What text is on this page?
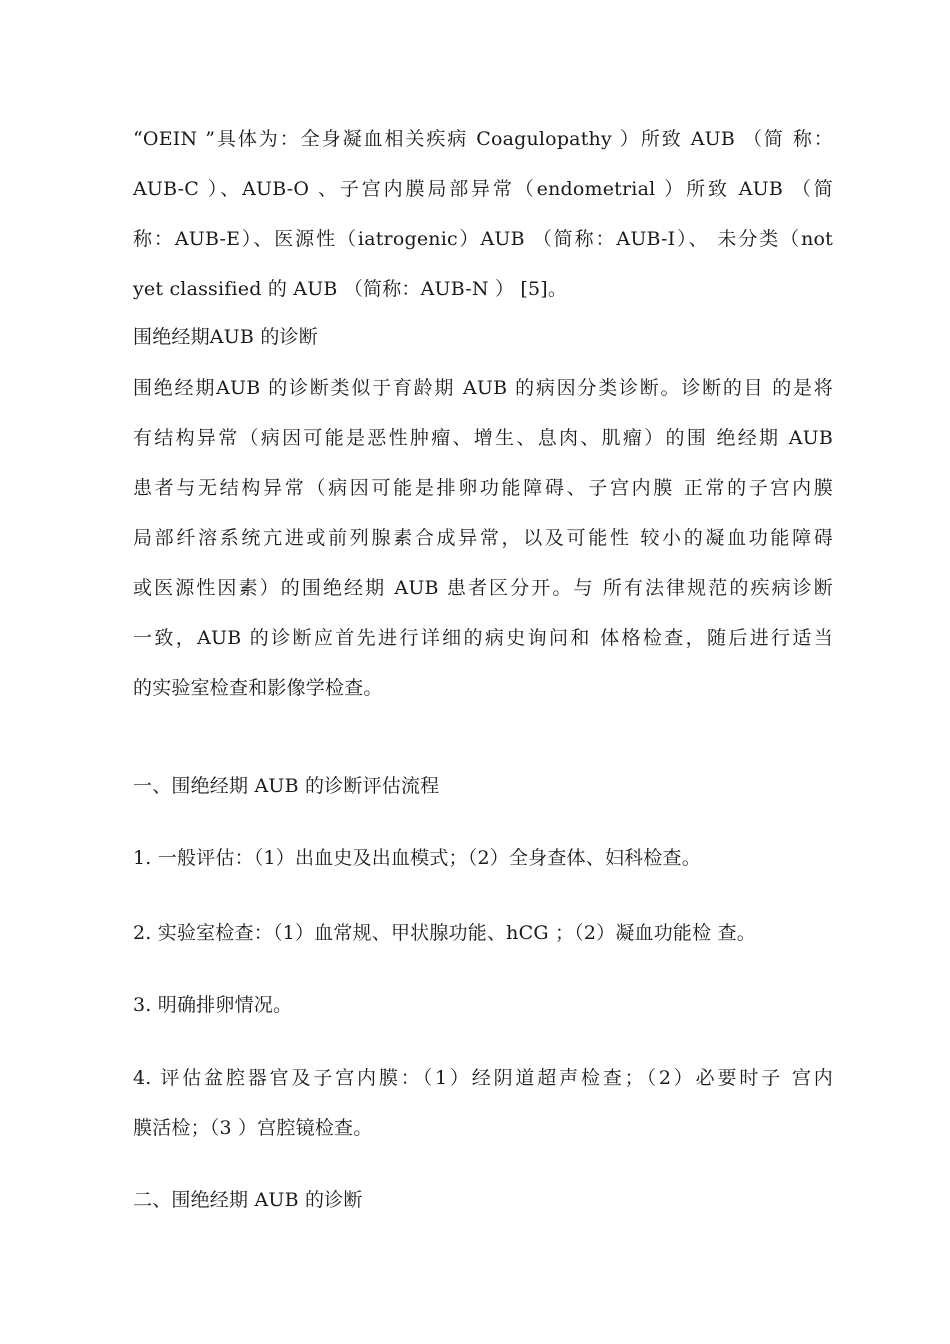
“OEIN ”具体为：全身凝血相关疾病 Coagulopathy ）所致 AUB （简 称：
AUB-C ）、AUB-O 、子宫内膜局部异常（endometrial ）所致 AUB （简
称：AUB-E）、医源性（iatrogenic）AUB （简称：AUB-I）、 未分类（not
yet classified 的 AUB （简称：AUB-N ） [5]。
围绝经期AUB 的诊断
围绝经期AUB 的诊断类似于育龄期 AUB 的病因分类诊断。诊断的目 的是将
有结构异常（病因可能是恶性肿瘤、增生、息肉、肌瘤）的围 绝经期 AUB
患者与无结构异常（病因可能是排卵功能障碍、子宫内膜 正常的子宫内膜
局部纤溶系统亢进或前列腺素合成异常，以及可能性 较小的凝血功能障碍
或医源性因素）的围绝经期 AUB 患者区分开。与 所有法律规范的疾病诊断
一致，AUB 的诊断应首先进行详细的病史询问和 体格检查，随后进行适当
的实验室检查和影像学检查。
一、围绝经期 AUB 的诊断评估流程
1. 一般评估：（1）出血史及出血模式；（2）全身查体、妇科检查。
2. 实验室检查：（1）血常规、甲状腺功能、hCG ；（2）凝血功能检 查。
3. 明确排卵情况。
4. 评估盆腔器官及子宫内膜：（1）经阴道超声检查；（2）必要时子 宫内
膜活检；（3 ）宫腔镜检查。
二、围绝经期 AUB 的诊断
